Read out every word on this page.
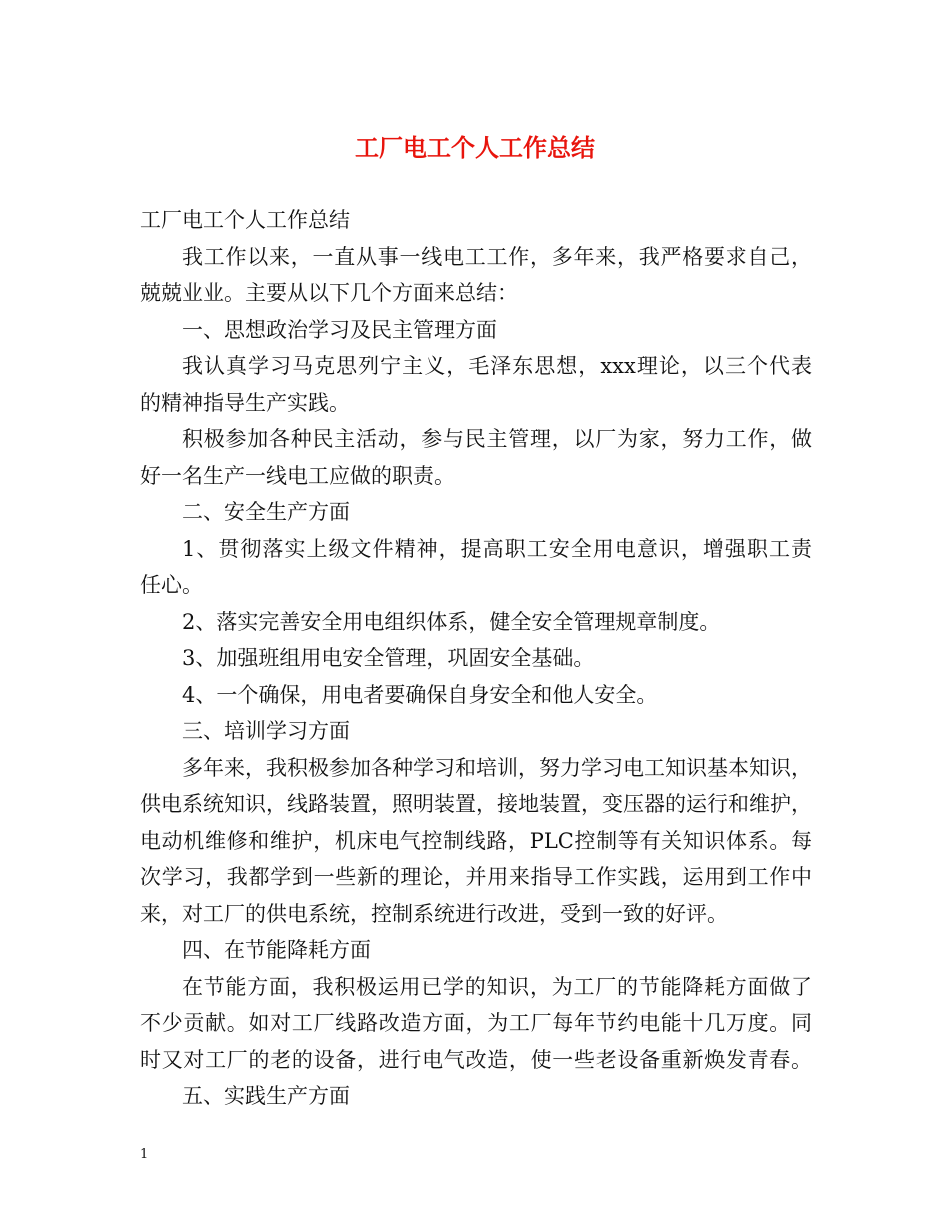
工厂电工个人工作总结
工厂电工个人工作总结
我工作以来，一直从事一线电工工作，多年来，我严格要求自己，
兢兢业业。主要从以下几个方面来总结：
一、思想政治学习及民主管理方面
我认真学习马克思列宁主义，毛泽东思想，xxx理论，以三个代表
的精神指导生产实践。
积极参加各种民主活动，参与民主管理，以厂为家，努力工作，做
好一名生产一线电工应做的职责。
二、安全生产方面
1、贯彻落实上级文件精神，提高职工安全用电意识，增强职工责
任心。
2、落实完善安全用电组织体系，健全安全管理规章制度。
3、加强班组用电安全管理，巩固安全基础。
4、一个确保，用电者要确保自身安全和他人安全。
三、培训学习方面
多年来，我积极参加各种学习和培训，努力学习电工知识基本知识，
供电系统知识，线路装置，照明装置，接地装置，变压器的运行和维护，
电动机维修和维护，机床电气控制线路，PLC控制等有关知识体系。每
次学习，我都学到一些新的理论，并用来指导工作实践，运用到工作中
来，对工厂的供电系统，控制系统进行改进，受到一致的好评。
四、在节能降耗方面
在节能方面，我积极运用已学的知识，为工厂的节能降耗方面做了
不少贡献。如对工厂线路改造方面，为工厂每年节约电能十几万度。同
时又对工厂的老的设备，进行电气改造，使一些老设备重新焕发青春。
五、实践生产方面
1
